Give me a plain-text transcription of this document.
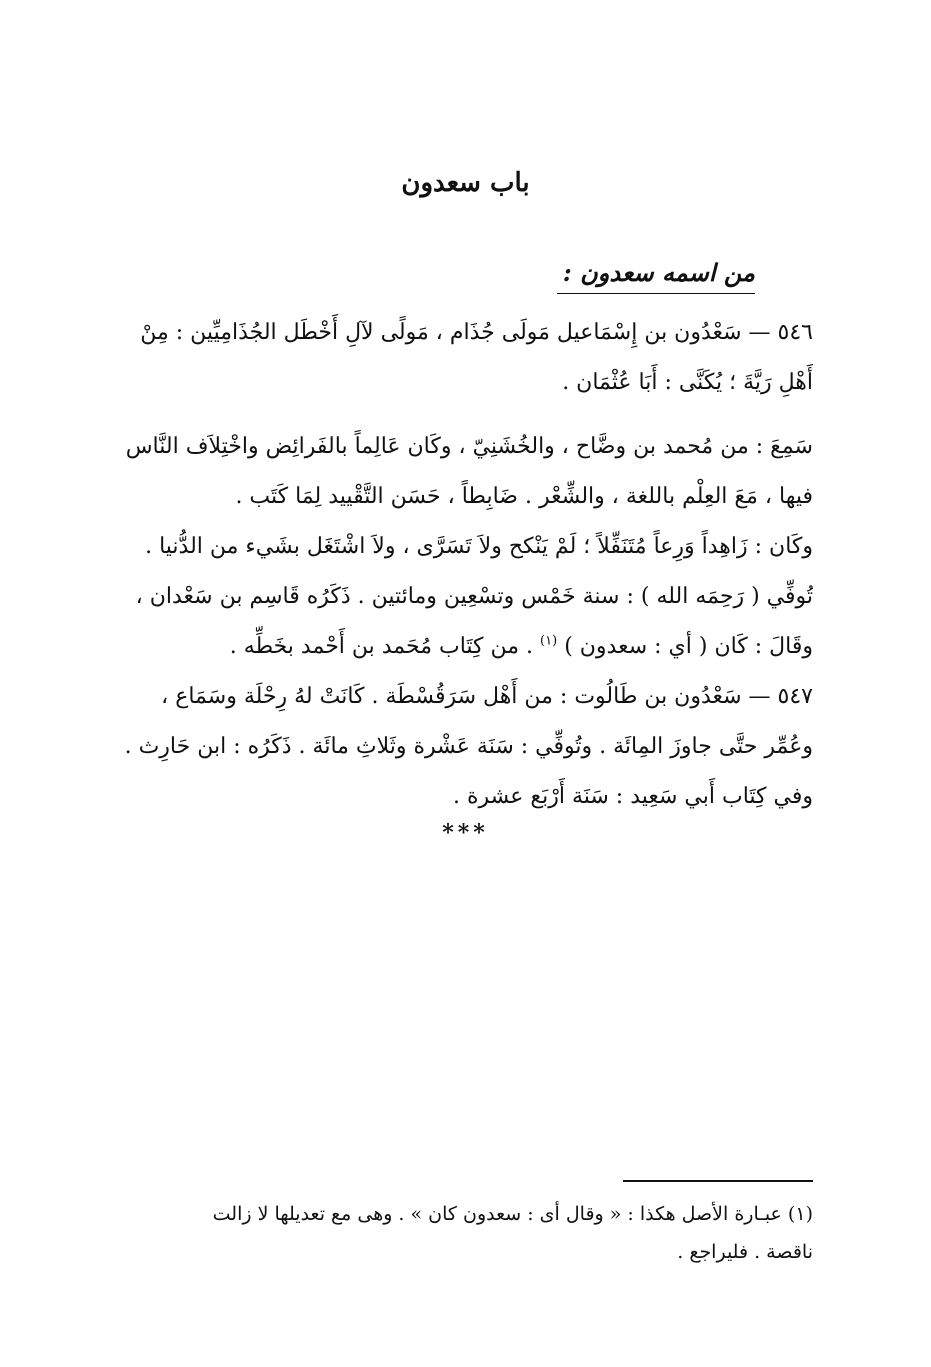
باب سعدون
من اسمه سعدون :
٥٤٦ — سَعْدُون بن إِسْمَاعيل مَولَى جُذَام ، مَولًى لآلِ أَخْطَل الجُذَامِيِّين : مِنْ
أَهْلِ رَيَّةَ ؛ يُكَنَّى : أَبَا عُثْمَان .
سَمِعَ : من مُحمد بن وضَّاح ، والخُشَنِيّ ، وكَان عَالِماً بالفَرائِض واخْتِلاَف النَّاس
فيها ، مَعَ العِلْم باللغة ، والشِّعْر . ضَابِطاً ، حَسَن التَّقْييد لِمَا كَتَب .
وكَان : زَاهِداً وَرِعاً مُتَنَفِّلاً ؛ لَمْ يَنْكح ولاَ تَسَرَّى ، ولاَ اشْتَغَل بشَيء من الدُّنيا .
تُوفِّي ( رَحِمَه الله ) : سنة خَمْس وتسْعِين ومائتين . ذَكَرُه قَاسِم بن سَعْدان ،
وقَالَ : كَان ( أي : سعدون ) $^{(١)}$ . من كِتَاب مُحَمد بن أَحْمد بخَطِّه .
٥٤٧ — سَعْدُون بن طَالُوت : من أَهْل سَرَقُسْطَة . كَانَتْ لهُ رِحْلَة وسَمَاع ،
وعُمِّر حتَّى جاوزَ المِائَة . وتُوفِّي : سَنَة عَشْرة وثَلاثِ مائَة . ذَكَرُه : ابن حَارِث .
وفي كِتَاب أَبي سَعِيد : سَنَة أَرْبَع عشرة .
***
(١) عبـارة الأصل هكذا : « وقال أى : سعدون كان » . وهى مع تعديلها لا زالت
ناقصة . فليراجع .
